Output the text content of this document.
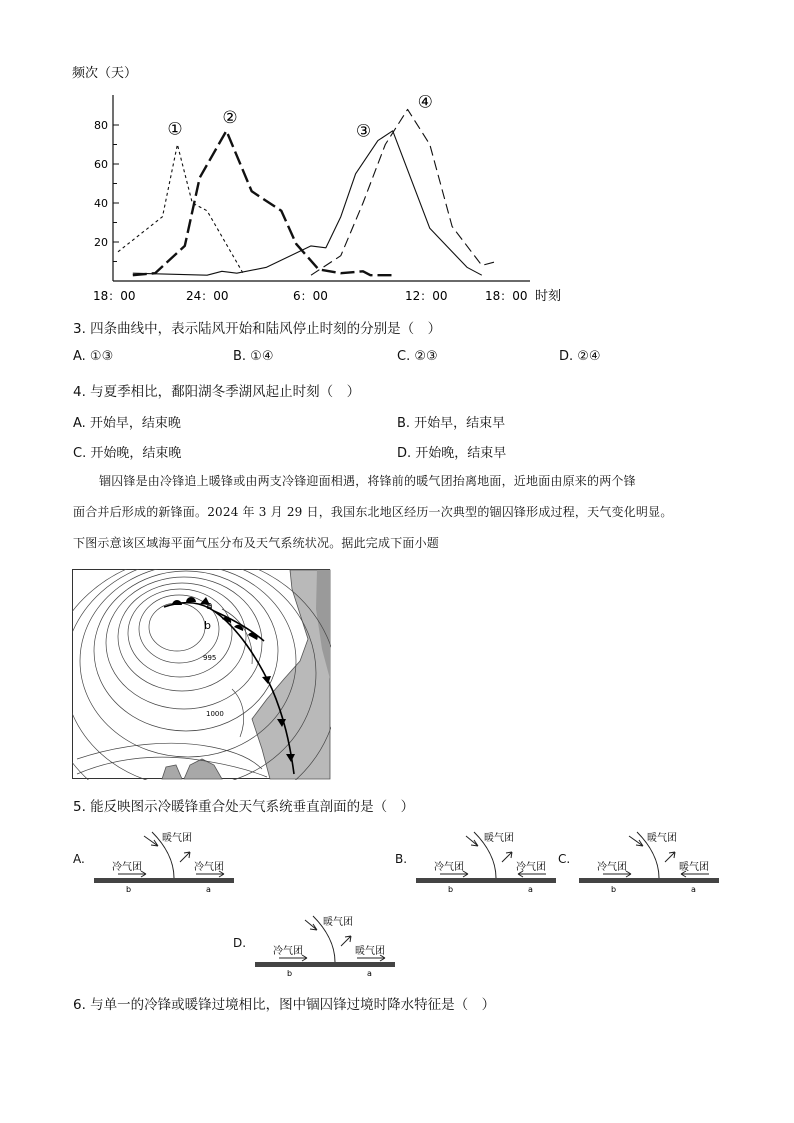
频次（天）
20
40
60
80
18：00	24：00	6：00	12：00	18：00
①
②
③
④
时刻
3. 四条曲线中，表示陆风开始和陆风停止时刻的分别是（　）
A. ①③	B. ①④	C. ②③	D. ②④
4. 与夏季相比，鄱阳湖冬季湖风起止时刻（　）
A. 开始早，结束晚	B. 开始早，结束早
C. 开始晚，结束晚	D. 开始晚，结束早
锢囚锋是由冷锋追上暖锋或由两支冷锋迎面相遇，将锋前的暖气团抬离地面，近地面由原来的两个锋
面合并后形成的新锋面。2024 年 3 月 29 日，我国东北地区经历一次典型的锢囚锋形成过程，天气变化明显。
下图示意该区域海平面气压分布及天气系统状况。据此完成下面小题
a
b
995
1000
5. 能反映图示冷暖锋重合处天气系统垂直剖面的是（　）
A.
暖气团
冷气团	冷气团
b	a
B.
暖气团
冷气团	冷气团
b	a
C.
暖气团
冷气团	暖气团
b	a
D.
暖气团
冷气团	暖气团
b	a
6. 与单一的冷锋或暖锋过境相比，图中锢囚锋过境时降水特征是（　）
